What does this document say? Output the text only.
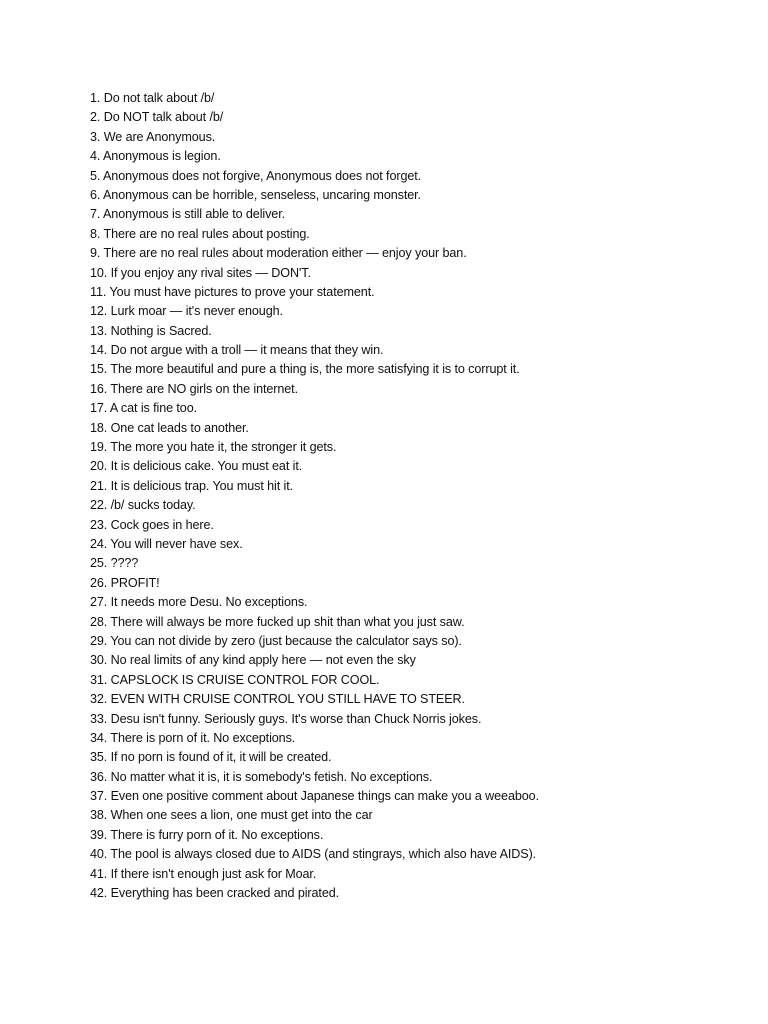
1. Do not talk about /b/
2. Do NOT talk about /b/
3. We are Anonymous.
4. Anonymous is legion.
5. Anonymous does not forgive, Anonymous does not forget.
6. Anonymous can be horrible, senseless, uncaring monster.
7. Anonymous is still able to deliver.
8. There are no real rules about posting.
9. There are no real rules about moderation either — enjoy your ban.
10. If you enjoy any rival sites — DON'T.
11. You must have pictures to prove your statement.
12. Lurk moar — it's never enough.
13. Nothing is Sacred.
14. Do not argue with a troll — it means that they win.
15. The more beautiful and pure a thing is, the more satisfying it is to corrupt it.
16. There are NO girls on the internet.
17. A cat is fine too.
18. One cat leads to another.
19. The more you hate it, the stronger it gets.
20. It is delicious cake. You must eat it.
21. It is delicious trap. You must hit it.
22. /b/ sucks today.
23. Cock goes in here.
24. You will never have sex.
25. ????
26. PROFIT!
27. It needs more Desu. No exceptions.
28. There will always be more fucked up shit than what you just saw.
29. You can not divide by zero (just because the calculator says so).
30. No real limits of any kind apply here — not even the sky
31. CAPSLOCK IS CRUISE CONTROL FOR COOL.
32. EVEN WITH CRUISE CONTROL YOU STILL HAVE TO STEER.
33. Desu isn't funny. Seriously guys. It's worse than Chuck Norris jokes.
34. There is porn of it. No exceptions.
35. If no porn is found of it, it will be created.
36. No matter what it is, it is somebody's fetish. No exceptions.
37. Even one positive comment about Japanese things can make you a weeaboo.
38. When one sees a lion, one must get into the car
39. There is furry porn of it. No exceptions.
40. The pool is always closed due to AIDS (and stingrays, which also have AIDS).
41. If there isn't enough just ask for Moar.
42. Everything has been cracked and pirated.
